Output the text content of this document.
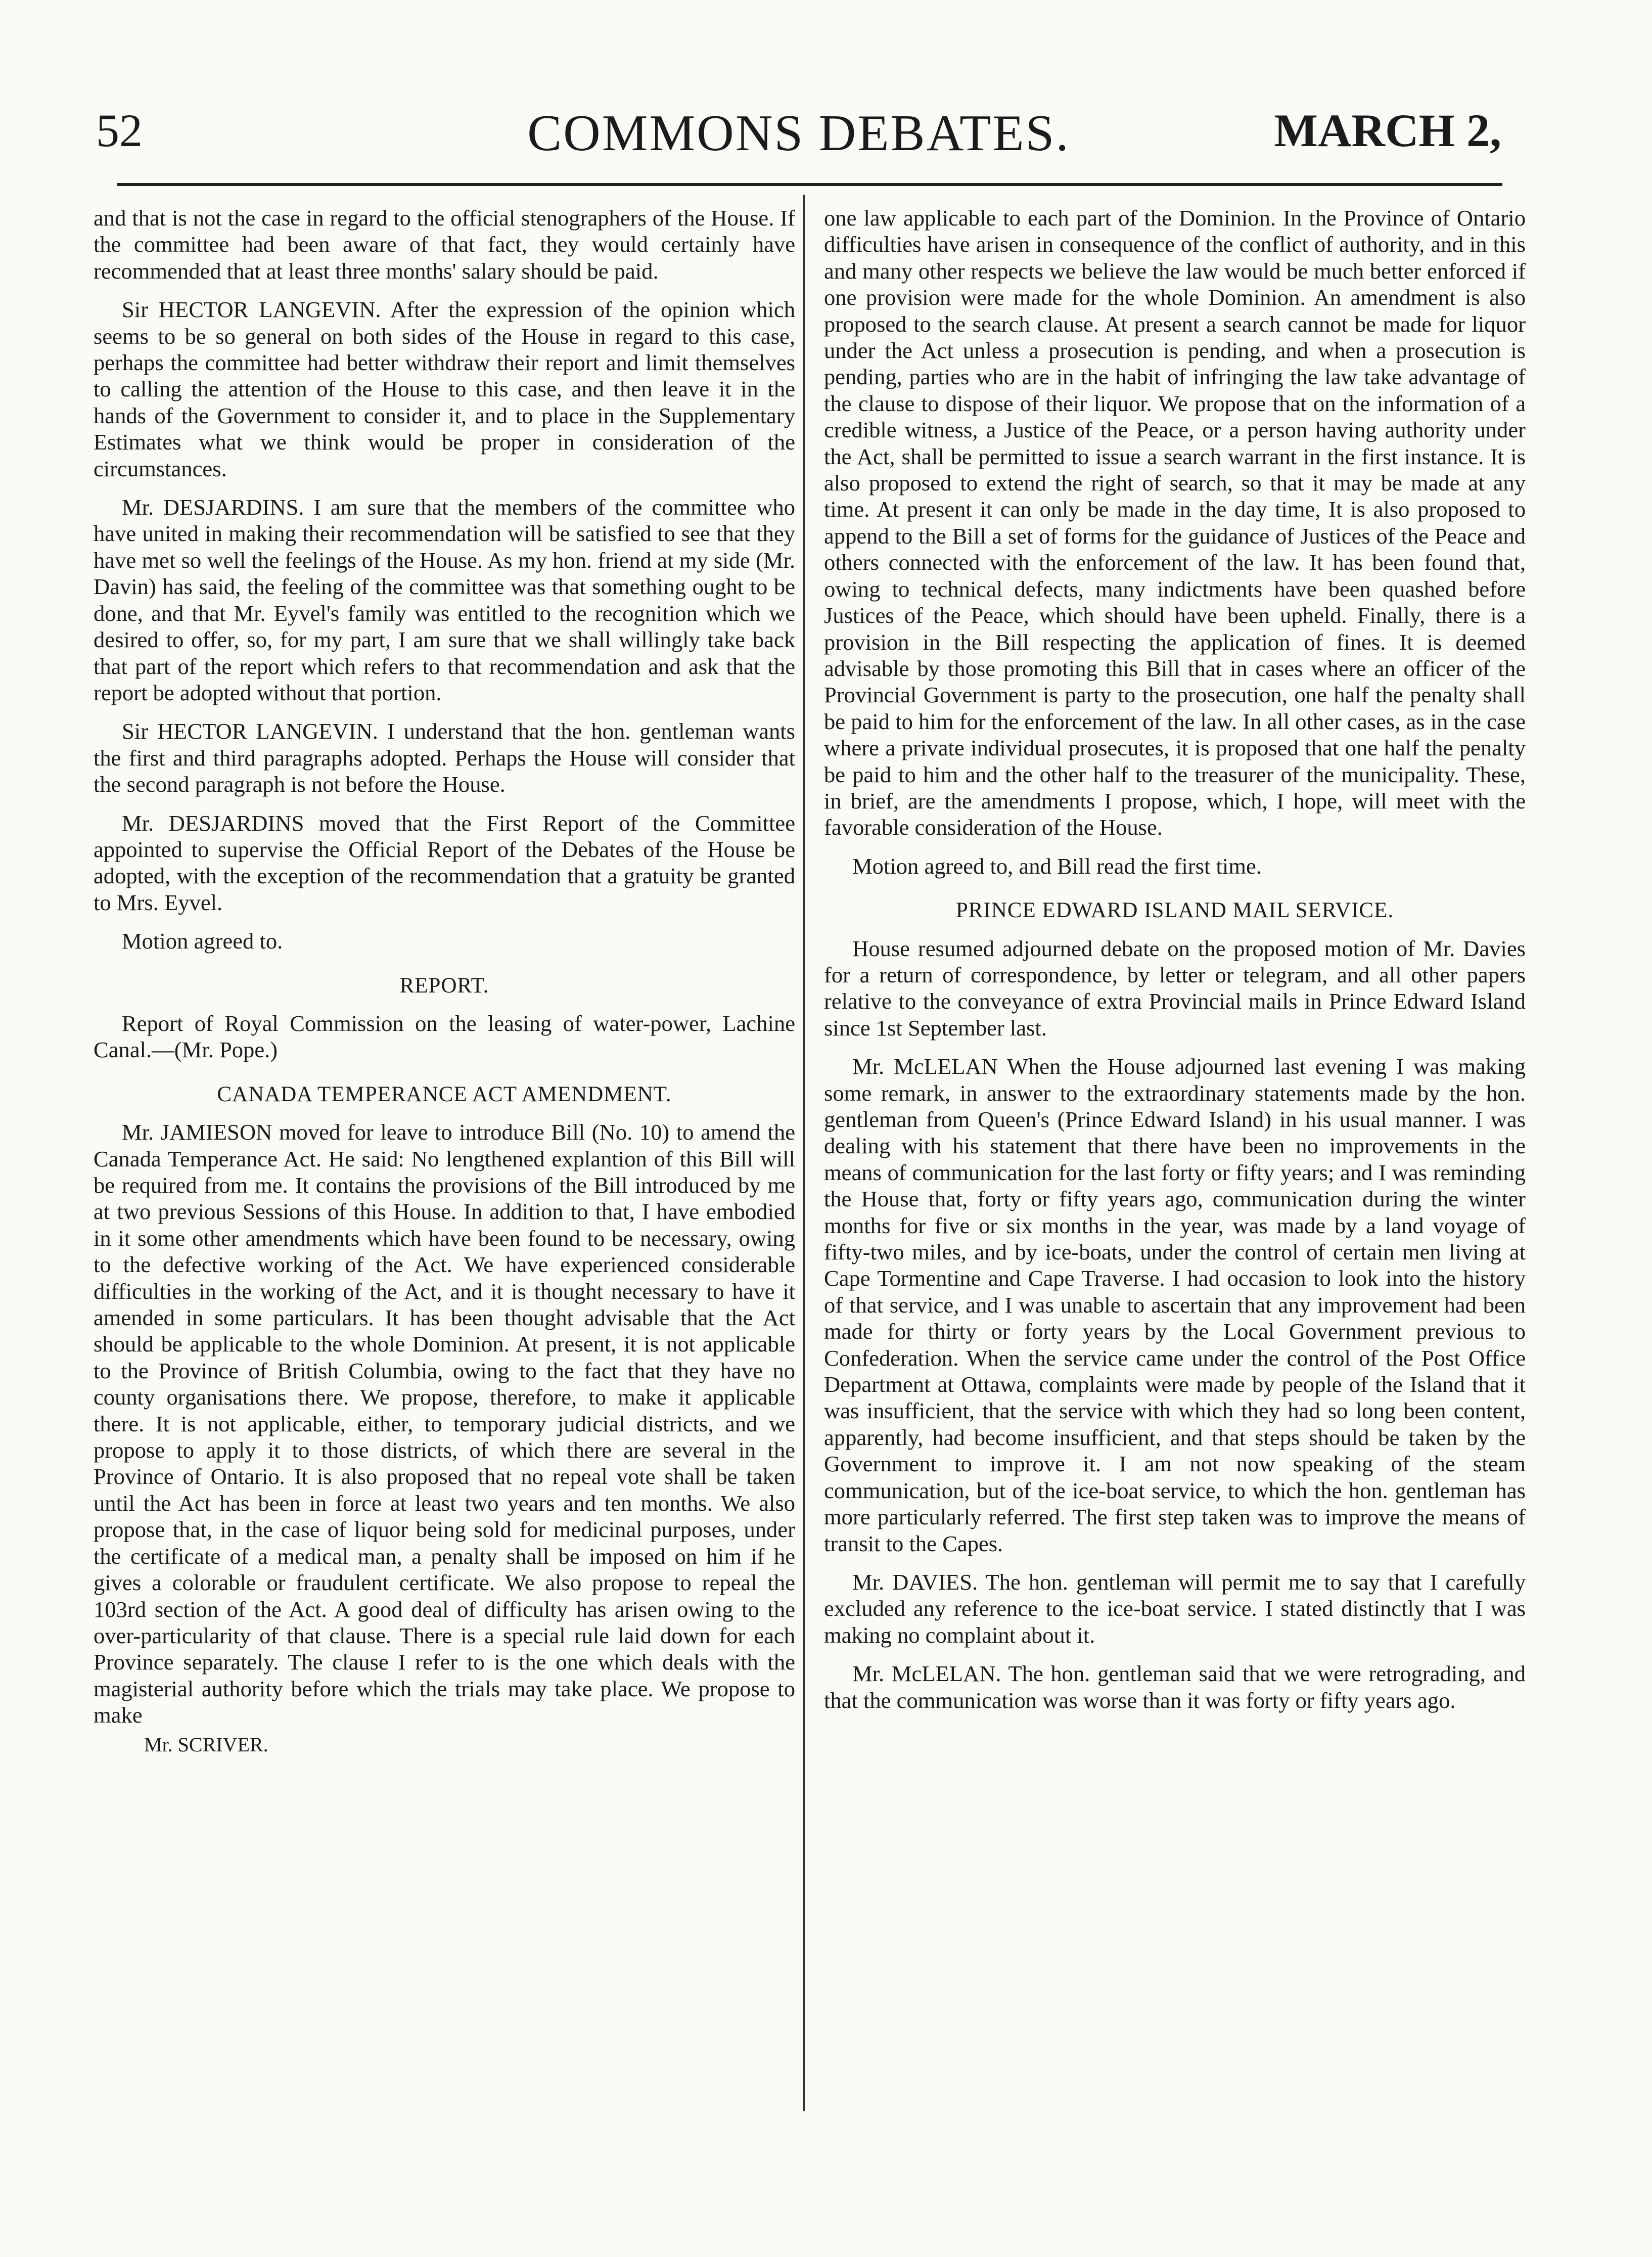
52	COMMONS DEBATES.	MARCH 2,

and that is not the case in regard to the official stenographers of the House. If the committee had been aware of that fact, they would certainly have recommended that at least three months' salary should be paid.

Sir HECTOR LANGEVIN. After the expression of the opinion which seems to be so general on both sides of the House in regard to this case, perhaps the committee had better withdraw their report and limit themselves to calling the attention of the House to this case, and then leave it in the hands of the Government to consider it, and to place in the Supplementary Estimates what we think would be proper in consideration of the circumstances.

Mr. DESJARDINS. I am sure that the members of the committee who have united in making their recommendation will be satisfied to see that they have met so well the feelings of the House. As my hon. friend at my side (Mr. Davin) has said, the feeling of the committee was that something ought to be done, and that Mr. Eyvel's family was entitled to the recognition which we desired to offer, so, for my part, I am sure that we shall willingly take back that part of the report which refers to that recommendation and ask that the report be adopted without that portion.

Sir HECTOR LANGEVIN. I understand that the hon. gentleman wants the first and third paragraphs adopted. Perhaps the House will consider that the second paragraph is not before the House.

Mr. DESJARDINS moved that the First Report of the Committee appointed to supervise the Official Report of the Debates of the House be adopted, with the exception of the recommendation that a gratuity be granted to Mrs. Eyvel.

Motion agreed to.

REPORT.

Report of Royal Commission on the leasing of water-power, Lachine Canal.—(Mr. Pope.)

CANADA TEMPERANCE ACT AMENDMENT.

Mr. JAMIESON moved for leave to introduce Bill (No. 10) to amend the Canada Temperance Act. He said: No lengthened explantion of this Bill will be required from me. It contains the provisions of the Bill introduced by me at two previous Sessions of this House. In addition to that, I have embodied in it some other amendments which have been found to be necessary, owing to the defective working of the Act. We have experienced considerable difficulties in the working of the Act, and it is thought necessary to have it amended in some particulars. It has been thought advisable that the Act should be applicable to the whole Dominion. At present, it is not applicable to the Province of British Columbia, owing to the fact that they have no county organisations there. We propose, therefore, to make it applicable there. It is not applicable, either, to temporary judicial districts, and we propose to apply it to those districts, of which there are several in the Province of Ontario. It is also proposed that no repeal vote shall be taken until the Act has been in force at least two years and ten months. We also propose that, in the case of liquor being sold for medicinal purposes, under the certificate of a medical man, a penalty shall be imposed on him if he gives a colorable or fraudulent certificate. We also propose to repeal the 103rd section of the Act. A good deal of difficulty has arisen owing to the over-particularity of that clause. There is a special rule laid down for each Province separately. The clause I refer to is the one which deals with the magisterial authority before which the trials may take place. We propose to make

Mr. SCRIVER.

one law applicable to each part of the Dominion. In the Province of Ontario difficulties have arisen in consequence of the conflict of authority, and in this and many other respects we believe the law would be much better enforced if one provision were made for the whole Dominion. An amendment is also proposed to the search clause. At present a search cannot be made for liquor under the Act unless a prosecution is pending, and when a prosecution is pending, parties who are in the habit of infringing the law take advantage of the clause to dispose of their liquor. We propose that on the information of a credible witness, a Justice of the Peace, or a person having authority under the Act, shall be permitted to issue a search warrant in the first instance. It is also proposed to extend the right of search, so that it may be made at any time. At present it can only be made in the day time, It is also proposed to append to the Bill a set of forms for the guidance of Justices of the Peace and others connected with the enforcement of the law. It has been found that, owing to technical defects, many indictments have been quashed before Justices of the Peace, which should have been upheld. Finally, there is a provision in the Bill respecting the application of fines. It is deemed advisable by those promoting this Bill that in cases where an officer of the Provincial Government is party to the prosecution, one half the penalty shall be paid to him for the enforcement of the law. In all other cases, as in the case where a private individual prosecutes, it is proposed that one half the penalty be paid to him and the other half to the treasurer of the municipality. These, in brief, are the amendments I propose, which, I hope, will meet with the favorable consideration of the House.

Motion agreed to, and Bill read the first time.

PRINCE EDWARD ISLAND MAIL SERVICE.

House resumed adjourned debate on the proposed motion of Mr. Davies for a return of correspondence, by letter or telegram, and all other papers relative to the conveyance of extra Provincial mails in Prince Edward Island since 1st September last.

Mr. McLELAN When the House adjourned last evening I was making some remark, in answer to the extraordinary statements made by the hon. gentleman from Queen's (Prince Edward Island) in his usual manner. I was dealing with his statement that there have been no improvements in the means of communication for the last forty or fifty years; and I was reminding the House that, forty or fifty years ago, communication during the winter months for five or six months in the year, was made by a land voyage of fifty-two miles, and by ice-boats, under the control of certain men living at Cape Tormentine and Cape Traverse. I had occasion to look into the history of that service, and I was unable to ascertain that any improvement had been made for thirty or forty years by the Local Government previous to Confederation. When the service came under the control of the Post Office Department at Ottawa, complaints were made by people of the Island that it was insufficient, that the service with which they had so long been content, apparently, had become insufficient, and that steps should be taken by the Government to improve it. I am not now speaking of the steam communication, but of the ice-boat service, to which the hon. gentleman has more particularly referred. The first step taken was to improve the means of transit to the Capes.

Mr. DAVIES. The hon. gentleman will permit me to say that I carefully excluded any reference to the ice-boat service. I stated distinctly that I was making no complaint about it.

Mr. McLELAN. The hon. gentleman said that we were retrograding, and that the communication was worse than it was forty or fifty years ago.
